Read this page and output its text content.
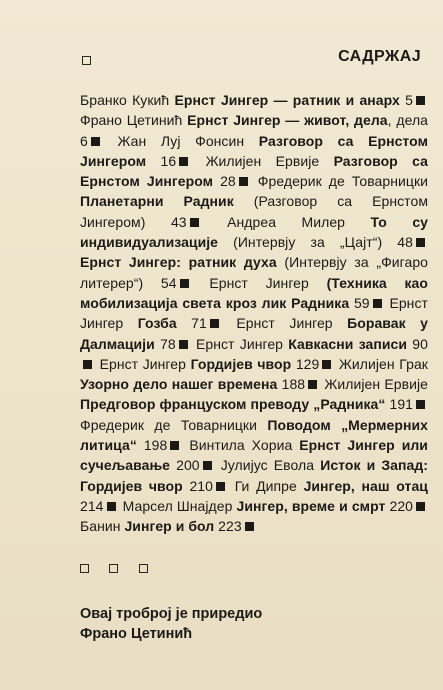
САДРЖАЈ
Бранко Кукић Ернст Јингер — ратник и анарх 5 Франо Цетинић Ернст Јингер — живот, дела, дела 6 Жан Луј Фонсин Разговор са Ернстом Јингером 16 Жилијен Ервије Разговор са Ернстом Јингером 28 Фредерик де Товарницки Планетарни Радник (Разговор са Ернстом Јингером) 43	Андреа Милер То су индивидуализације (Интервју за „Цајт“) 48 Ернст Јингер: ратник духа (Интервју за „Фигаро литерер“) 54 Ернст Јингер (Техника као мобилизација света кроз лик Радника 59 Ернст Јингер Гозба 71 Ернст Јингер Боравак у Далмацији 78 Ернст Јингер Кавкасни записи 90 Ернст Јингер Гордијев чвор 129 Жилијен Грак Узорно дело нашег времена 188 Жилијен Ервије Предговор француском преводу „Радника“ 191 Фредерик де Товарницки Поводом „Мермерних литица“ 198 Винтила Хориа Ернст Јингер или сучељавање 200 Јулијус Евола Исток и Запад: Гордијев чвор 210 Ги Дипре Јингер, наш отац 214 Марсел Шнајдер Јингер, време и смрт 220 Банин Јингер и бол 223

Овај троброј је приредио
Франо Цетинић
